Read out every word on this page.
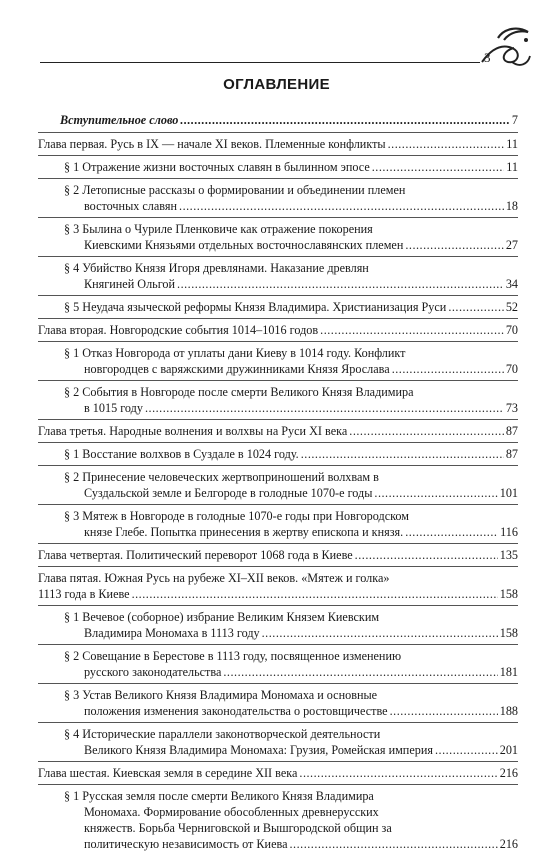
3
ОГЛАВЛЕНИЕ
Вступительное слово .....	7
Глава первая. Русь в IX — начале XI веков. Племенные конфликты .....	11
§ 1 Отражение жизни восточных славян в былинном эпосе .....	11
§ 2 Летописные рассказы о формировании и объединении племен
восточных славян .....	18
§ 3 Былина о Чуриле Пленковиче как отражение покорения
Киевскими Князьями отдельных восточнославянских племен .....	27
§ 4 Убийство Князя Игоря древлянами. Наказание древлян
Княгиней Ольгой .....	34
§ 5 Неудача языческой реформы Князя Владимира. Христианизация Руси .....	52
Глава вторая. Новгородские события 1014–1016 годов .....	70
§ 1 Отказ Новгорода от уплаты дани Киеву в 1014 году. Конфликт
новгородцев с варяжскими дружинниками Князя Ярослава .....	70
§ 2 События в Новгороде после смерти Великого Князя Владимира
в 1015 году .....	73
Глава третья. Народные волнения и волхвы на Руси XI века .....	87
§ 1 Восстание волхвов в Суздале в 1024 году. .....	87
§ 2 Принесение человеческих жертвоприношений волхвам в
Суздальской земле и Белгороде в голодные 1070-е годы .....	101
§ 3 Мятеж в Новгороде в голодные 1070-е годы при Новгородском
князе Глебе. Попытка принесения в жертву епископа и князя. .....	116
Глава четвертая. Политический переворот 1068 года в Киеве .....	135
Глава пятая. Южная Русь на рубеже XI–XII веков. «Мятеж и голка»
1113 года в Киеве .....	158
§ 1 Вечевое (соборное) избрание Великим Князем Киевским
Владимира Мономаха в 1113 году .....	158
§ 2 Совещание в Берестове в 1113 году, посвященное изменению
русского законодательства .....	181
§ 3 Устав Великого Князя Владимира Мономаха и основные
положения изменения законодательства о ростовщичестве .....	188
§ 4 Исторические параллели законотворческой деятельности
Великого Князя Владимира Мономаха: Грузия, Ромейская империя .....	201
Глава шестая. Киевская земля в середине XII века .....	216
§ 1 Русская земля после смерти Великого Князя Владимира
Мономаха. Формирование обособленных древнерусских
княжеств. Борьба Черниговской и Вышгородской общин за
политическую независимость от Киева .....	216
